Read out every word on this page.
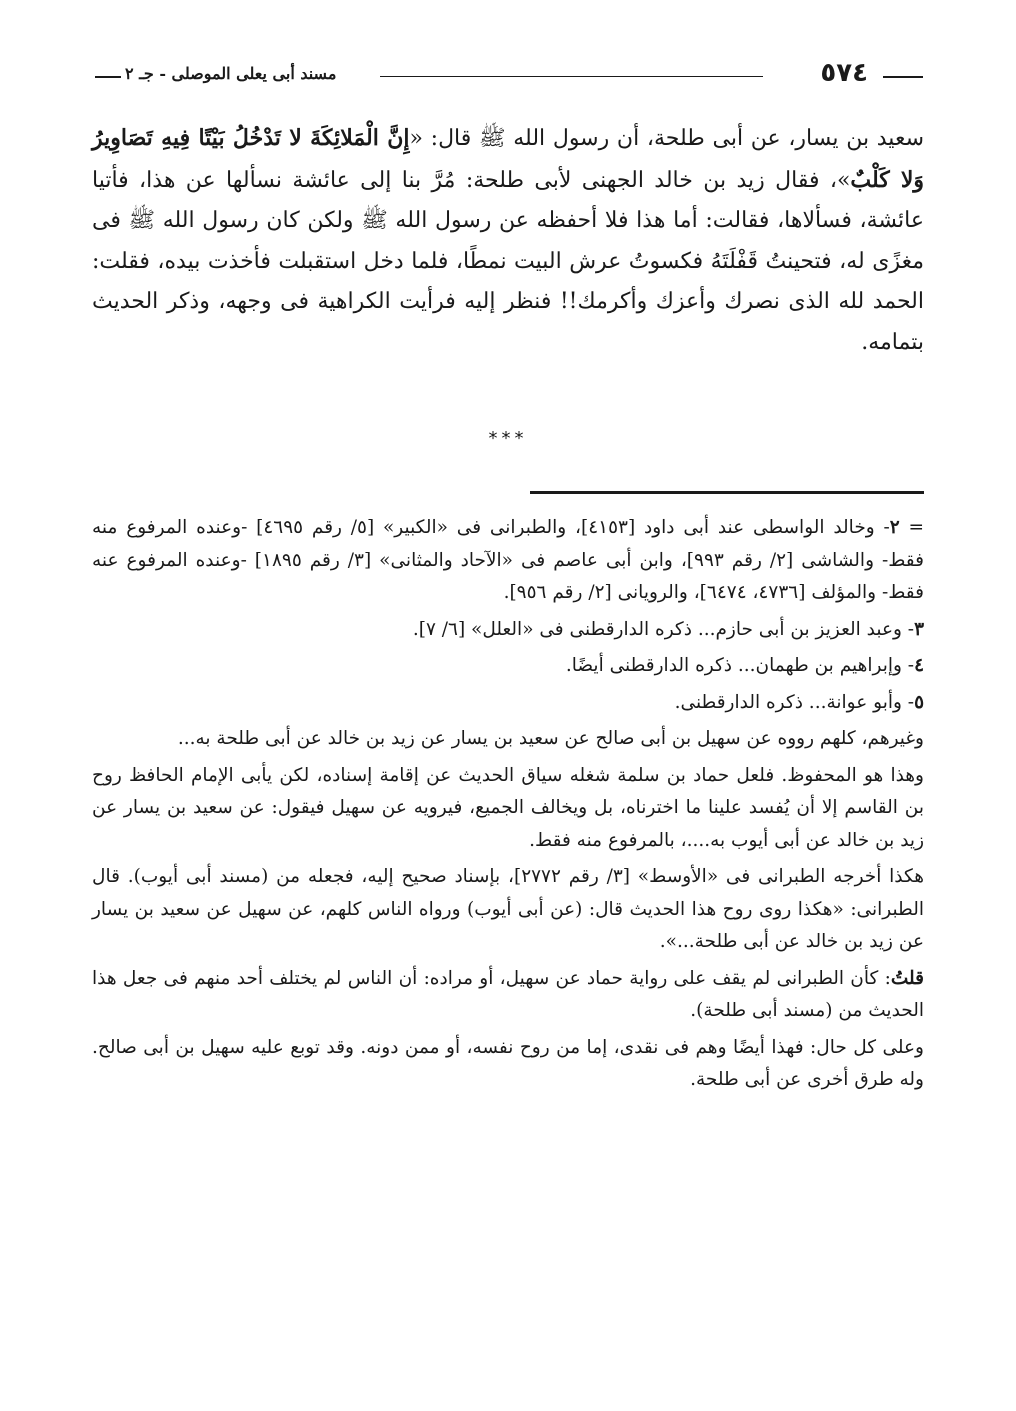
٥٧٤
مسند أبى يعلى الموصلى - جـ ٢
سعيد بن يسار، عن أبى طلحة، أن رسول الله ﷺ قال: «إِنَّ الْمَلائِكَةَ لا تَدْخُلُ بَيْتًا فِيهِ تَصَاوِيرُ وَلا كَلْبٌ»، فقال زيد بن خالد الجهنى لأبى طلحة: مُرَّ بنا إلى عائشة نسألها عن هذا، فأتيا عائشة، فسألاها، فقالت: أما هذا فلا أحفظه عن رسول الله ﷺ ولكن كان رسول الله ﷺ فى مغزًى له، فتحينتُ قَفْلَتَهُ فكسوتُ عرش البيت نمطًا، فلما دخل استقبلت فأخذت بيده، فقلت: الحمد لله الذى نصرك وأعزك وأكرمك!! فنظر إليه فرأيت الكراهية فى وجهه، وذكر الحديث بتمامه.
***

= ٢- وخالد الواسطى عند أبى داود [٤١٥٣]، والطبرانى فى «الكبير» [٥/ رقم ٤٦٩٥] -وعنده المرفوع منه فقط- والشاشى [٢/ رقم ٩٩٣]، وابن أبى عاصم فى «الآحاد والمثانى» [٣/ رقم ١٨٩٥] -وعنده المرفوع عنه فقط- والمؤلف [٤٧٣٦، ٦٤٧٤]، والرويانى [٢/ رقم ٩٥٦].

٣- وعبد العزيز بن أبى حازم... ذكره الدارقطنى فى «العلل» [٦/ ٧].

٤- وإبراهيم بن طهمان... ذكره الدارقطنى أيضًا.

٥- وأبو عوانة... ذكره الدارقطنى.

وغيرهم، كلهم رووه عن سهيل بن أبى صالح عن سعيد بن يسار عن زيد بن خالد عن أبى طلحة به...

وهذا هو المحفوظ. فلعل حماد بن سلمة شغله سياق الحديث عن إقامة إسناده، لكن يأبى الإمام الحافظ روح بن القاسم إلا أن يُفسد علينا ما اخترناه، بل ويخالف الجميع، فيرويه عن سهيل فيقول: عن سعيد بن يسار عن زيد بن خالد عن أبى أيوب به....، بالمرفوع منه فقط.

هكذا أخرجه الطبرانى فى «الأوسط» [٣/ رقم ٢٧٧٢]، بإسناد صحيح إليه، فجعله من (مسند أبى أيوب). قال الطبرانى: «هكذا روى روح هذا الحديث قال: (عن أبى أيوب) ورواه الناس كلهم، عن سهيل عن سعيد بن يسار عن زيد بن خالد عن أبى طلحة...».

قلتُ: كأن الطبرانى لم يقف على رواية حماد عن سهيل، أو مراده: أن الناس لم يختلف أحد منهم فى جعل هذا الحديث من (مسند أبى طلحة).

وعلى كل حال: فهذا أيضًا وهم فى نقدى، إما من روح نفسه، أو ممن دونه. وقد توبع عليه سهيل بن أبى صالح. وله طرق أخرى عن أبى طلحة.
